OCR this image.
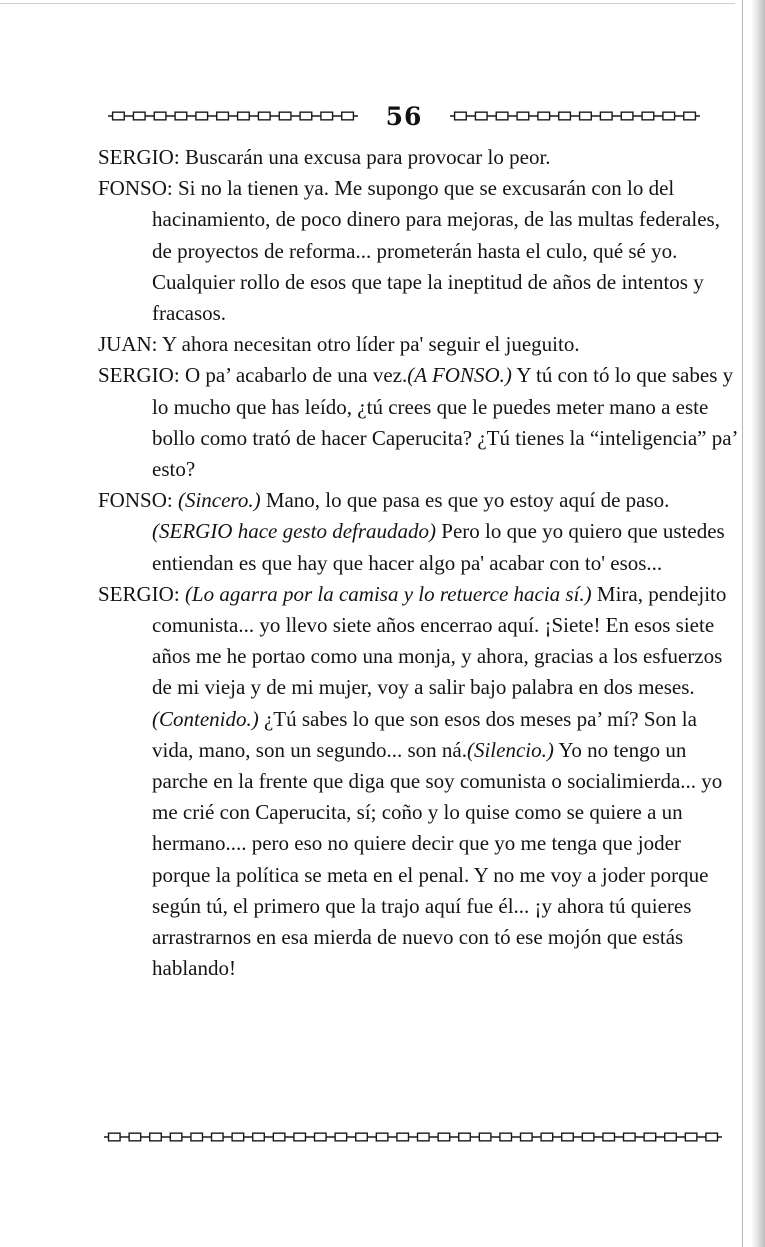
56

SERGIO: Buscarán una excusa para provocar lo peor.

FONSO: Si no la tienen ya. Me supongo que se excusarán con lo del hacinamiento, de poco dinero para mejoras, de las multas federales, de proyectos de reforma... prometerán hasta el culo, qué sé yo. Cualquier rollo de esos que tape la ineptitud de años de intentos y fracasos.

JUAN: Y ahora necesitan otro líder pa' seguir el jueguito.

SERGIO: O pa’ acabarlo de una vez.(A FONSO.) Y tú con tó lo que sabes y lo mucho que has leído, ¿tú crees que le puedes meter mano a este bollo como trató de hacer Caperucita? ¿Tú tienes la “inteligencia” pa’ esto?

FONSO: (Sincero.) Mano, lo que pasa es que yo estoy aquí de paso. (SERGIO hace gesto defraudado) Pero lo que yo quiero que ustedes entiendan es que hay que hacer algo pa' acabar con to' esos...

SERGIO: (Lo agarra por la camisa y lo retuerce hacia sí.) Mira, pendejito comunista... yo llevo siete años encerrao aquí. ¡Siete! En esos siete años me he portao como una monja, y ahora, gracias a los esfuerzos de mi vieja y de mi mujer, voy a salir bajo palabra en dos meses. (Contenido.) ¿Tú sabes lo que son esos dos meses pa’ mí? Son la vida, mano, son un segundo... son ná.(Silencio.) Yo no tengo un parche en la frente que diga que soy comunista o socialimierda... yo me crié con Caperucita, sí; coño y lo quise como se quiere a un hermano.... pero eso no quiere decir que yo me tenga que joder porque la política se meta en el penal. Y no me voy a joder porque según tú, el primero que la trajo aquí fue él... ¡y ahora tú quieres arrastrarnos en esa mierda de nuevo con tó ese mojón que estás hablando!
